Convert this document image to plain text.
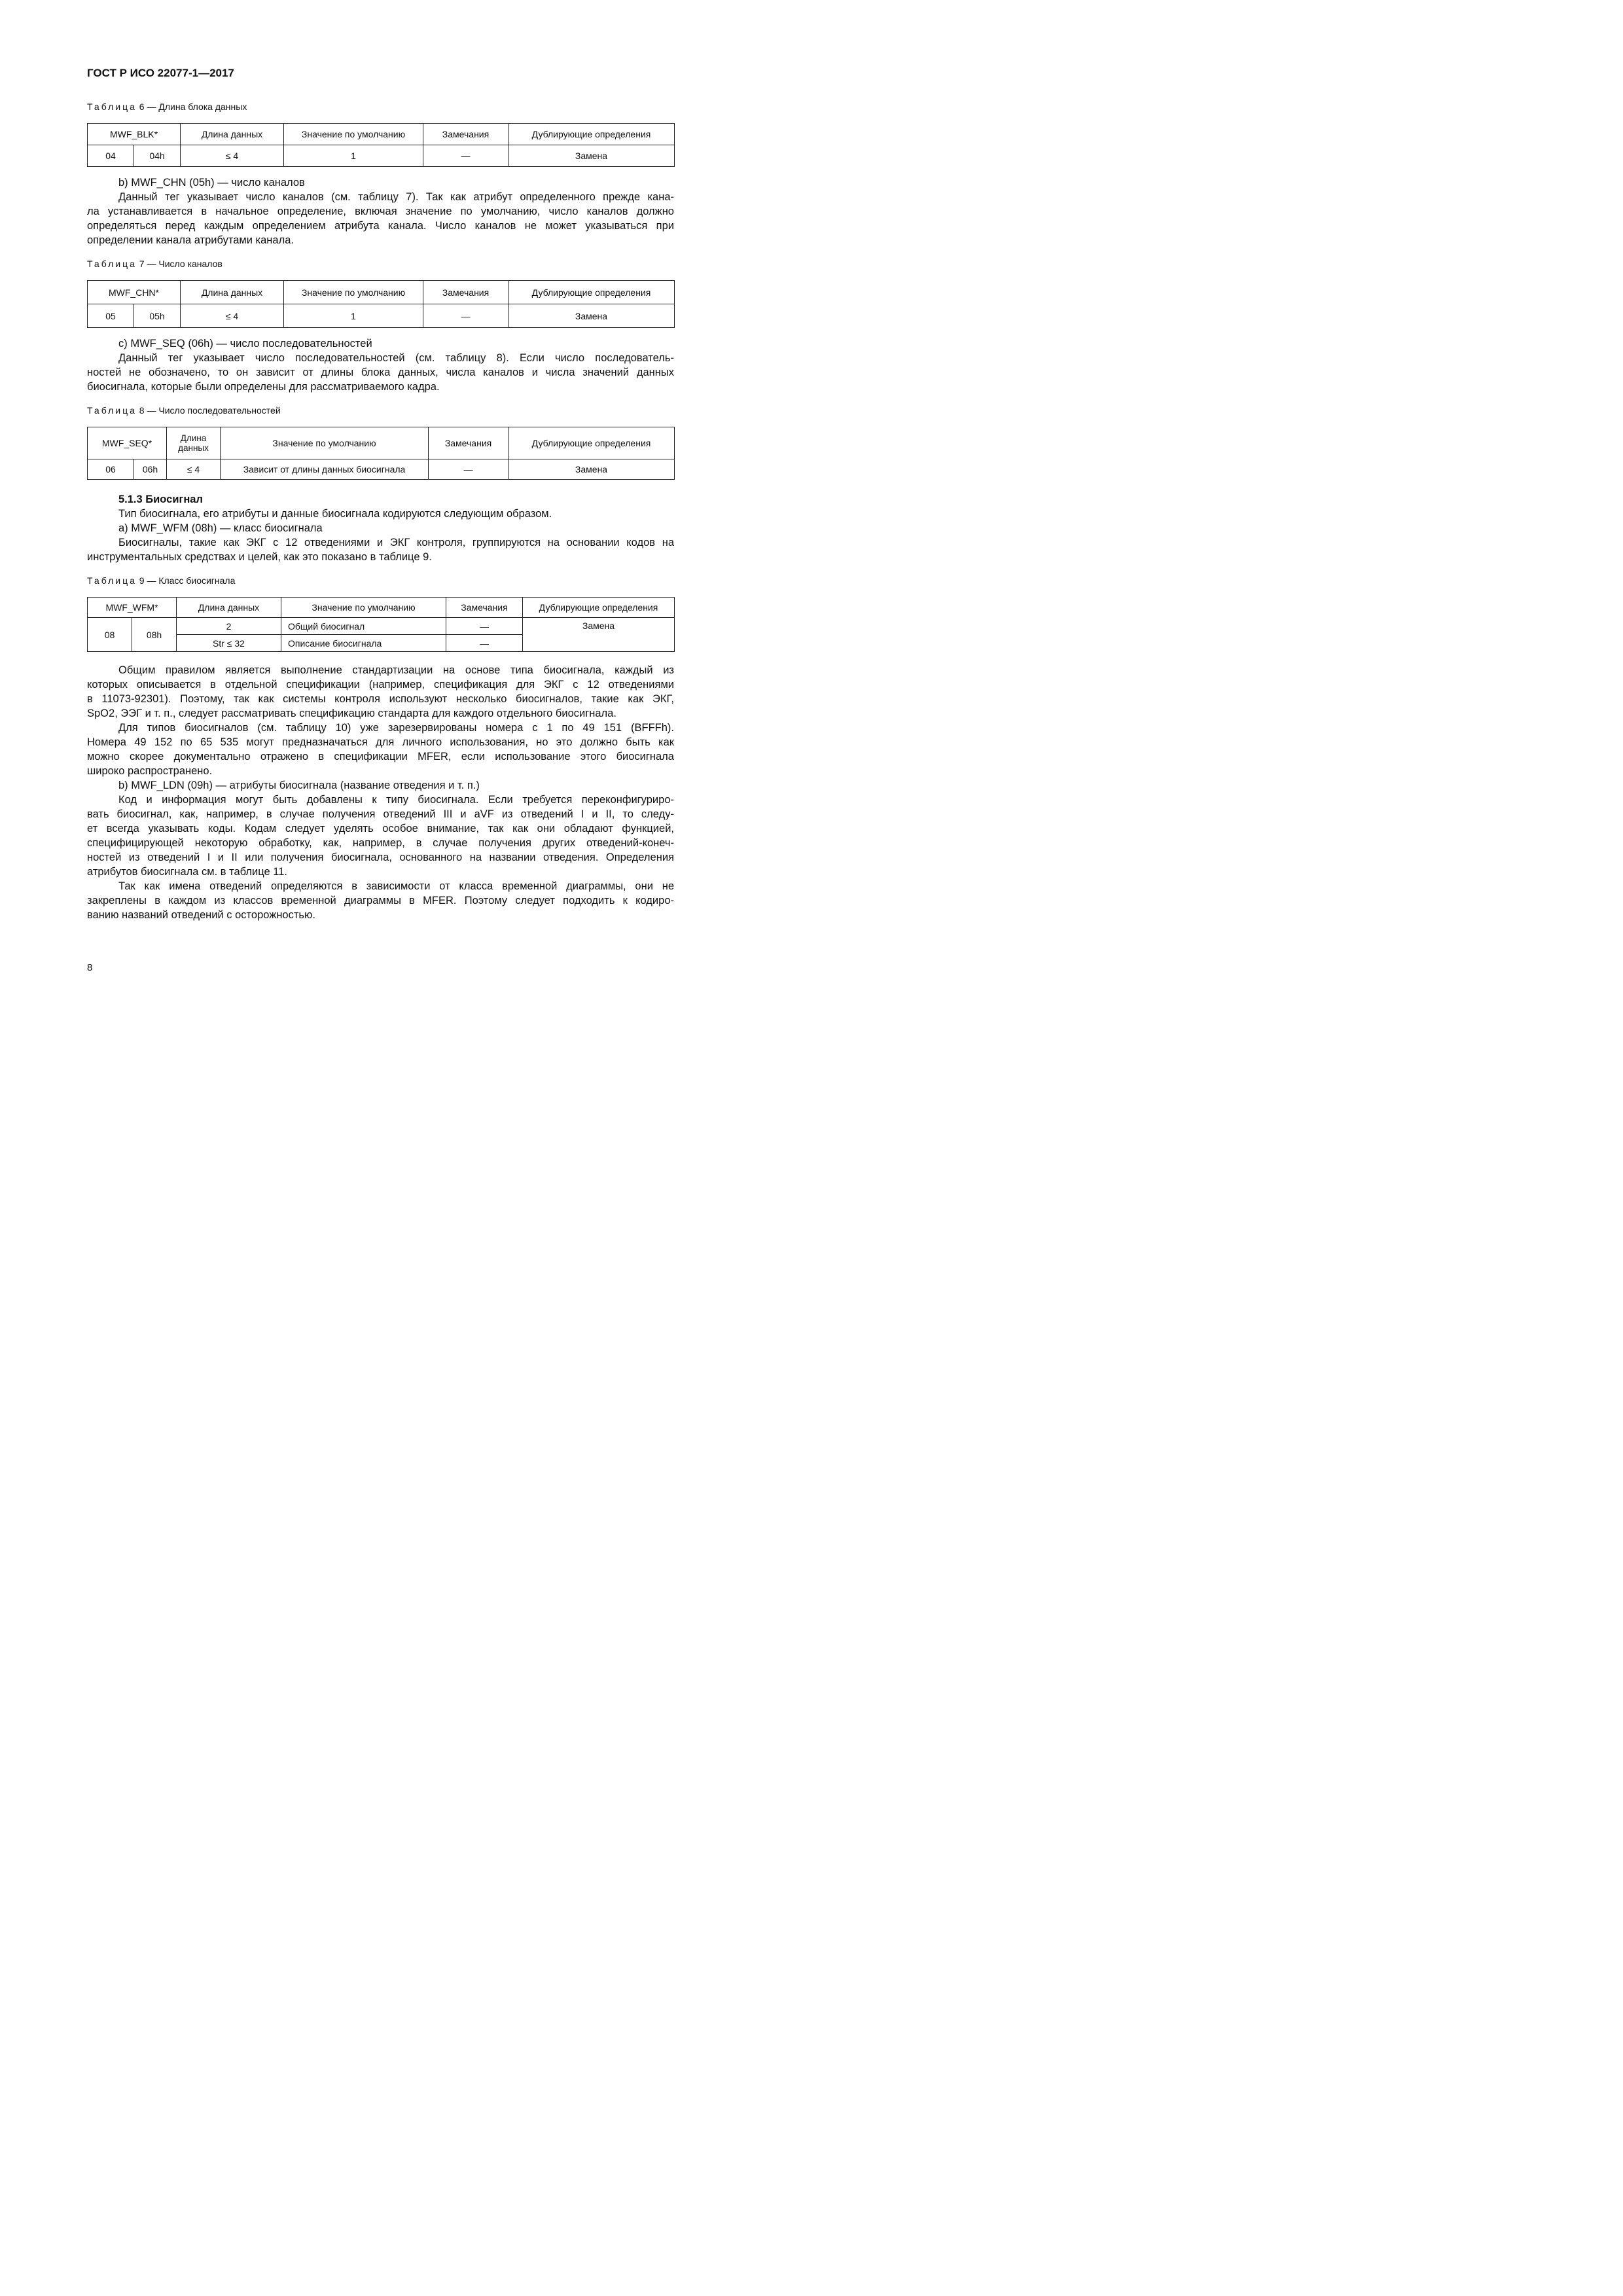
ГОСТ Р ИСО 22077-1—2017
Таблица 6 — Длина блока данных
MWF_BLK*		Длина данных	Значение по умолчанию	Замечания	Дублирующие определения
04	04h	≤ 4	1	—	Замена
b) MWF_CHN (05h) — число каналов
Данный тег указывает число каналов (см. таблицу 7). Так как атрибут определенного прежде кана-
ла устанавливается в начальное определение, включая значение по умолчанию, число каналов должно
определяться перед каждым определением атрибута канала. Число каналов не может указываться при
определении канала атрибутами канала.
Таблица 7 — Число каналов
MWF_CHN*		Длина данных	Значение по умолчанию	Замечания	Дублирующие определения
05	05h	≤ 4	1	—	Замена
c) MWF_SEQ (06h) — число последовательностей
Данный тег указывает число последовательностей (см. таблицу 8). Если число последователь-
ностей не обозначено, то он зависит от длины блока данных, числа каналов и числа значений данных
биосигнала, которые были определены для рассматриваемого кадра.
Таблица 8 — Число последовательностей
MWF_SEQ*		Длина данных	Значение по умолчанию	Замечания	Дублирующие определения
06	06h	≤ 4	Зависит от длины данных биосигнала	—	Замена
5.1.3 Биосигнал
Тип биосигнала, его атрибуты и данные биосигнала кодируются следующим образом.
a) MWF_WFM (08h) — класс биосигнала
Биосигналы, такие как ЭКГ с 12 отведениями и ЭКГ контроля, группируются на основании кодов на
инструментальных средствах и целей, как это показано в таблице 9.
Таблица 9 — Класс биосигнала
MWF_WFM*		Длина данных	Значение по умолчанию	Замечания	Дублирующие определения
08	08h	2	Общий биосигнал	—	Замена
		Str ≤ 32	Описание биосигнала	—	
Общим правилом является выполнение стандартизации на основе типа биосигнала, каждый из
которых описывается в отдельной спецификации (например, спецификация для ЭКГ с 12 отведениями
в 11073-92301). Поэтому, так как системы контроля используют несколько биосигналов, такие как ЭКГ,
SpO2, ЭЭГ и т. п., следует рассматривать спецификацию стандарта для каждого отдельного биосигнала.
Для типов биосигналов (см. таблицу 10) уже зарезервированы номера с 1 по 49 151 (BFFFh).
Номера 49 152 по 65 535 могут предназначаться для личного использования, но это должно быть как
можно скорее документально отражено в спецификации MFER, если использование этого биосигнала
широко распространено.
b) MWF_LDN (09h) — атрибуты биосигнала (название отведения и т. п.)
Код и информация могут быть добавлены к типу биосигнала. Если требуется переконфигуриро-
вать биосигнал, как, например, в случае получения отведений III и aVF из отведений I и II, то следу-
ет всегда указывать коды. Кодам следует уделять особое внимание, так как они обладают функцией,
специфицирующей некоторую обработку, как, например, в случае получения других отведений-конеч-
ностей из отведений I и II или получения биосигнала, основанного на названии отведения. Определения
атрибутов биосигнала см. в таблице 11.
Так как имена отведений определяются в зависимости от класса временной диаграммы, они не
закреплены в каждом из классов временной диаграммы в MFER. Поэтому следует подходить к кодиро-
ванию названий отведений с осторожностью.
8
